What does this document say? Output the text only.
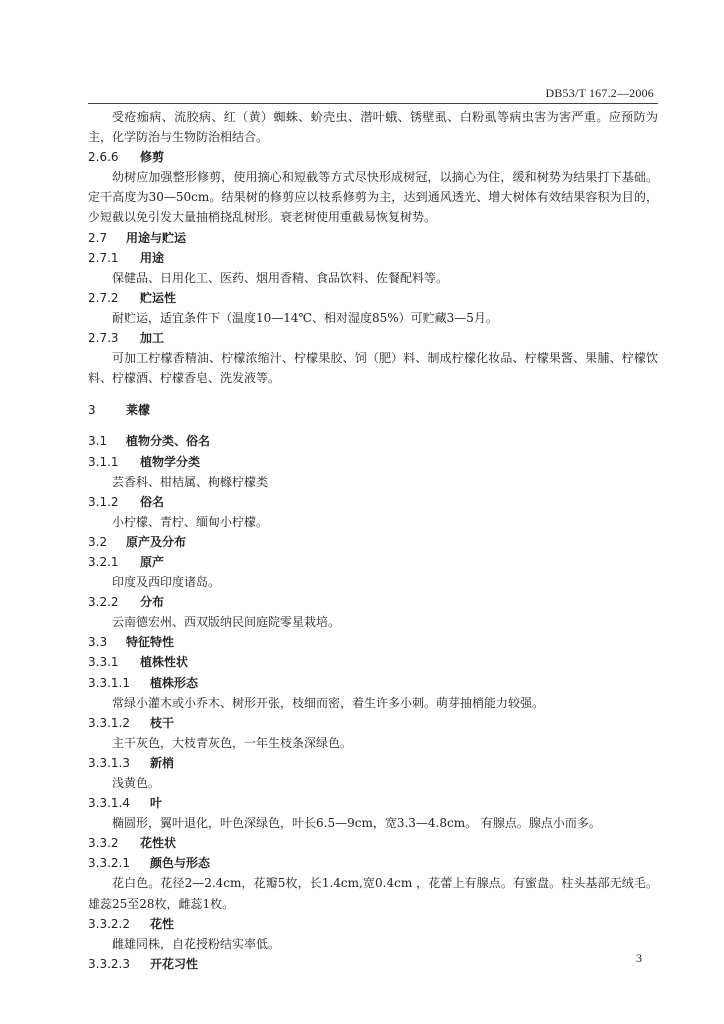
DB53/T 167.2—2006
受疮痂病、流胶病、红（黄）蜘蛛、蚧壳虫、潜叶蛾、锈壁虱、白粉虱等病虫害为害严重。应预防为主，化学防治与生物防治相结合。
2.6.6 修剪
幼树应加强整形修剪，使用摘心和短截等方式尽快形成树冠，以摘心为住，缓和树势为结果打下基础。定干高度为30—50cm。结果树的修剪应以枝系修剪为主，达到通风透光、增大树体有效结果容积为目的，少短截以免引发大量抽梢挠乱树形。衰老树使用重截易恢复树势。
2.7 用途与贮运
2.7.1 用途
保健品、日用化工、医药、烟用香精、食品饮料、佐餐配料等。
2.7.2 贮运性
耐贮运，适宜条件下（温度10—14℃、相对湿度85%）可贮藏3—5月。
2.7.3 加工
可加工柠檬香精油、柠檬浓缩汁、柠檬果胶、饲（肥）料、制成柠檬化妆品、柠檬果酱、果脯、柠檬饮料、柠檬酒、柠檬香皂、洗发液等。
3	莱檬
3.1 植物分类、俗名
3.1.1 植物学分类
芸香科、柑桔属、枸橼柠檬类
3.1.2 俗名
小柠檬、青柠、缅甸小柠檬。
3.2 原产及分布
3.2.1 原产
印度及西印度诸岛。
3.2.2 分布
云南德宏州、西双版纳民间庭院零星栽培。
3.3 特征特性
3.3.1 植株性状
3.3.1.1 植株形态
常绿小灌木或小乔木、树形开张，枝细而密，着生许多小刺。萌芽抽梢能力较强。
3.3.1.2 枝干
主干灰色，大枝青灰色，一年生枝条深绿色。
3.3.1.3 新梢
浅黄色。
3.3.1.4 叶
椭圆形，翼叶退化，叶色深绿色，叶长6.5—9cm，宽3.3—4.8cm。 有腺点。腺点小而多。
3.3.2 花性状
3.3.2.1 颜色与形态
花白色。花径2—2.4cm，花瓣5枚，长1.4cm,宽0.4cm ，花蕾上有腺点。有蜜盘。柱头基部无绒毛。雄蕊25至28枚，雌蕊1枚。
3.3.2.2 花性
雌雄同株，自花授粉结实率低。
3.3.2.3 开花习性	3
